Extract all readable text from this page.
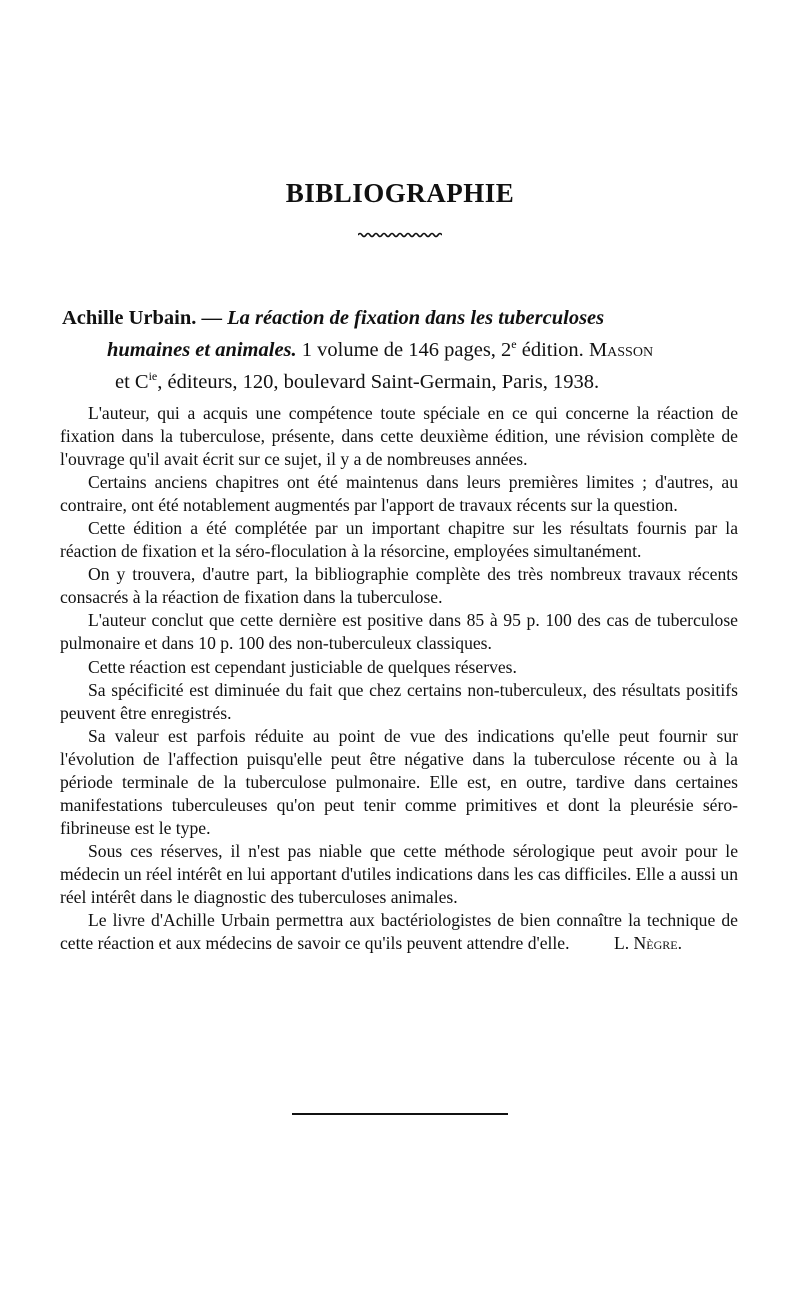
BIBLIOGRAPHIE
Achille Urbain. — La réaction de fixation dans les tuberculoses
humaines et animales. 1 volume de 146 pages, 2e édition. Masson
et $C^{ie}$, éditeurs, 120, boulevard Saint-Germain, Paris, 1938.

L'auteur, qui a acquis une compétence toute spéciale en ce qui concerne la réaction de fixation dans la tuberculose, présente, dans cette deuxième édition, une révision complète de l'ouvrage qu'il avait écrit sur ce sujet, il y a de nombreuses années.

Certains anciens chapitres ont été maintenus dans leurs premières limites ; d'autres, au contraire, ont été notablement augmentés par l'apport de travaux récents sur la question.

Cette édition a été complétée par un important chapitre sur les résultats fournis par la réaction de fixation et la séro-floculation à la résorcine, employées simultanément.

On y trouvera, d'autre part, la bibliographie complète des très nombreux travaux récents consacrés à la réaction de fixation dans la tuberculose.

L'auteur conclut que cette dernière est positive dans 85 à 95 p. 100 des cas de tuberculose pulmonaire et dans 10 p. 100 des non-tuberculeux classiques.

Cette réaction est cependant justiciable de quelques réserves.

Sa spécificité est diminuée du fait que chez certains non-tuberculeux, des résultats positifs peuvent être enregistrés.

Sa valeur est parfois réduite au point de vue des indications qu'elle peut fournir sur l'évolution de l'affection puisqu'elle peut être négative dans la tuberculose récente ou à la période terminale de la tuberculose pulmonaire. Elle est, en outre, tardive dans certaines manifestations tuberculeuses qu'on peut tenir comme primitives et dont la pleurésie séro-fibrineuse est le type.

Sous ces réserves, il n'est pas niable que cette méthode sérologique peut avoir pour le médecin un réel intérêt en lui apportant d'utiles indications dans les cas difficiles. Elle a aussi un réel intérêt dans le diagnostic des tuberculoses animales.

Le livre d'Achille Urbain permettra aux bactériologistes de bien connaître la technique de cette réaction et aux médecins de savoir ce qu'ils peuvent attendre d'elle.	L. Nègre.
